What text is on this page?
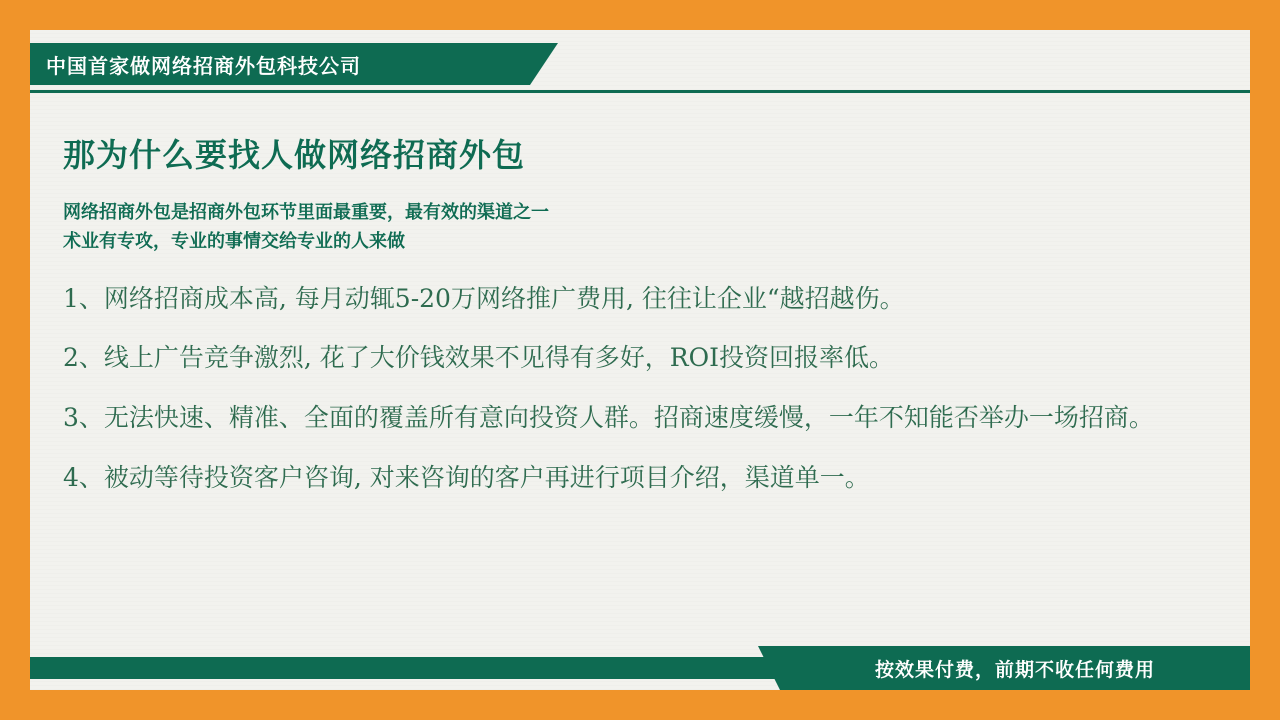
中国首家做网络招商外包科技公司
那为什么要找人做网络招商外包
网络招商外包是招商外包环节里面最重要，最有效的渠道之一
术业有专攻，专业的事情交给专业的人来做
1、网络招商成本高, 每月动辄5-20万网络推广费用, 往往让企业“越招越伤。
2、线上广告竞争激烈, 花了大价钱效果不见得有多好，ROI投资回报率低。
3、无法快速、精准、全面的覆盖所有意向投资人群。招商速度缓慢，一年不知能否举办一场招商。
4、被动等待投资客户咨询, 对来咨询的客户再进行项目介绍，渠道单一。
按效果付费，前期不收任何费用
